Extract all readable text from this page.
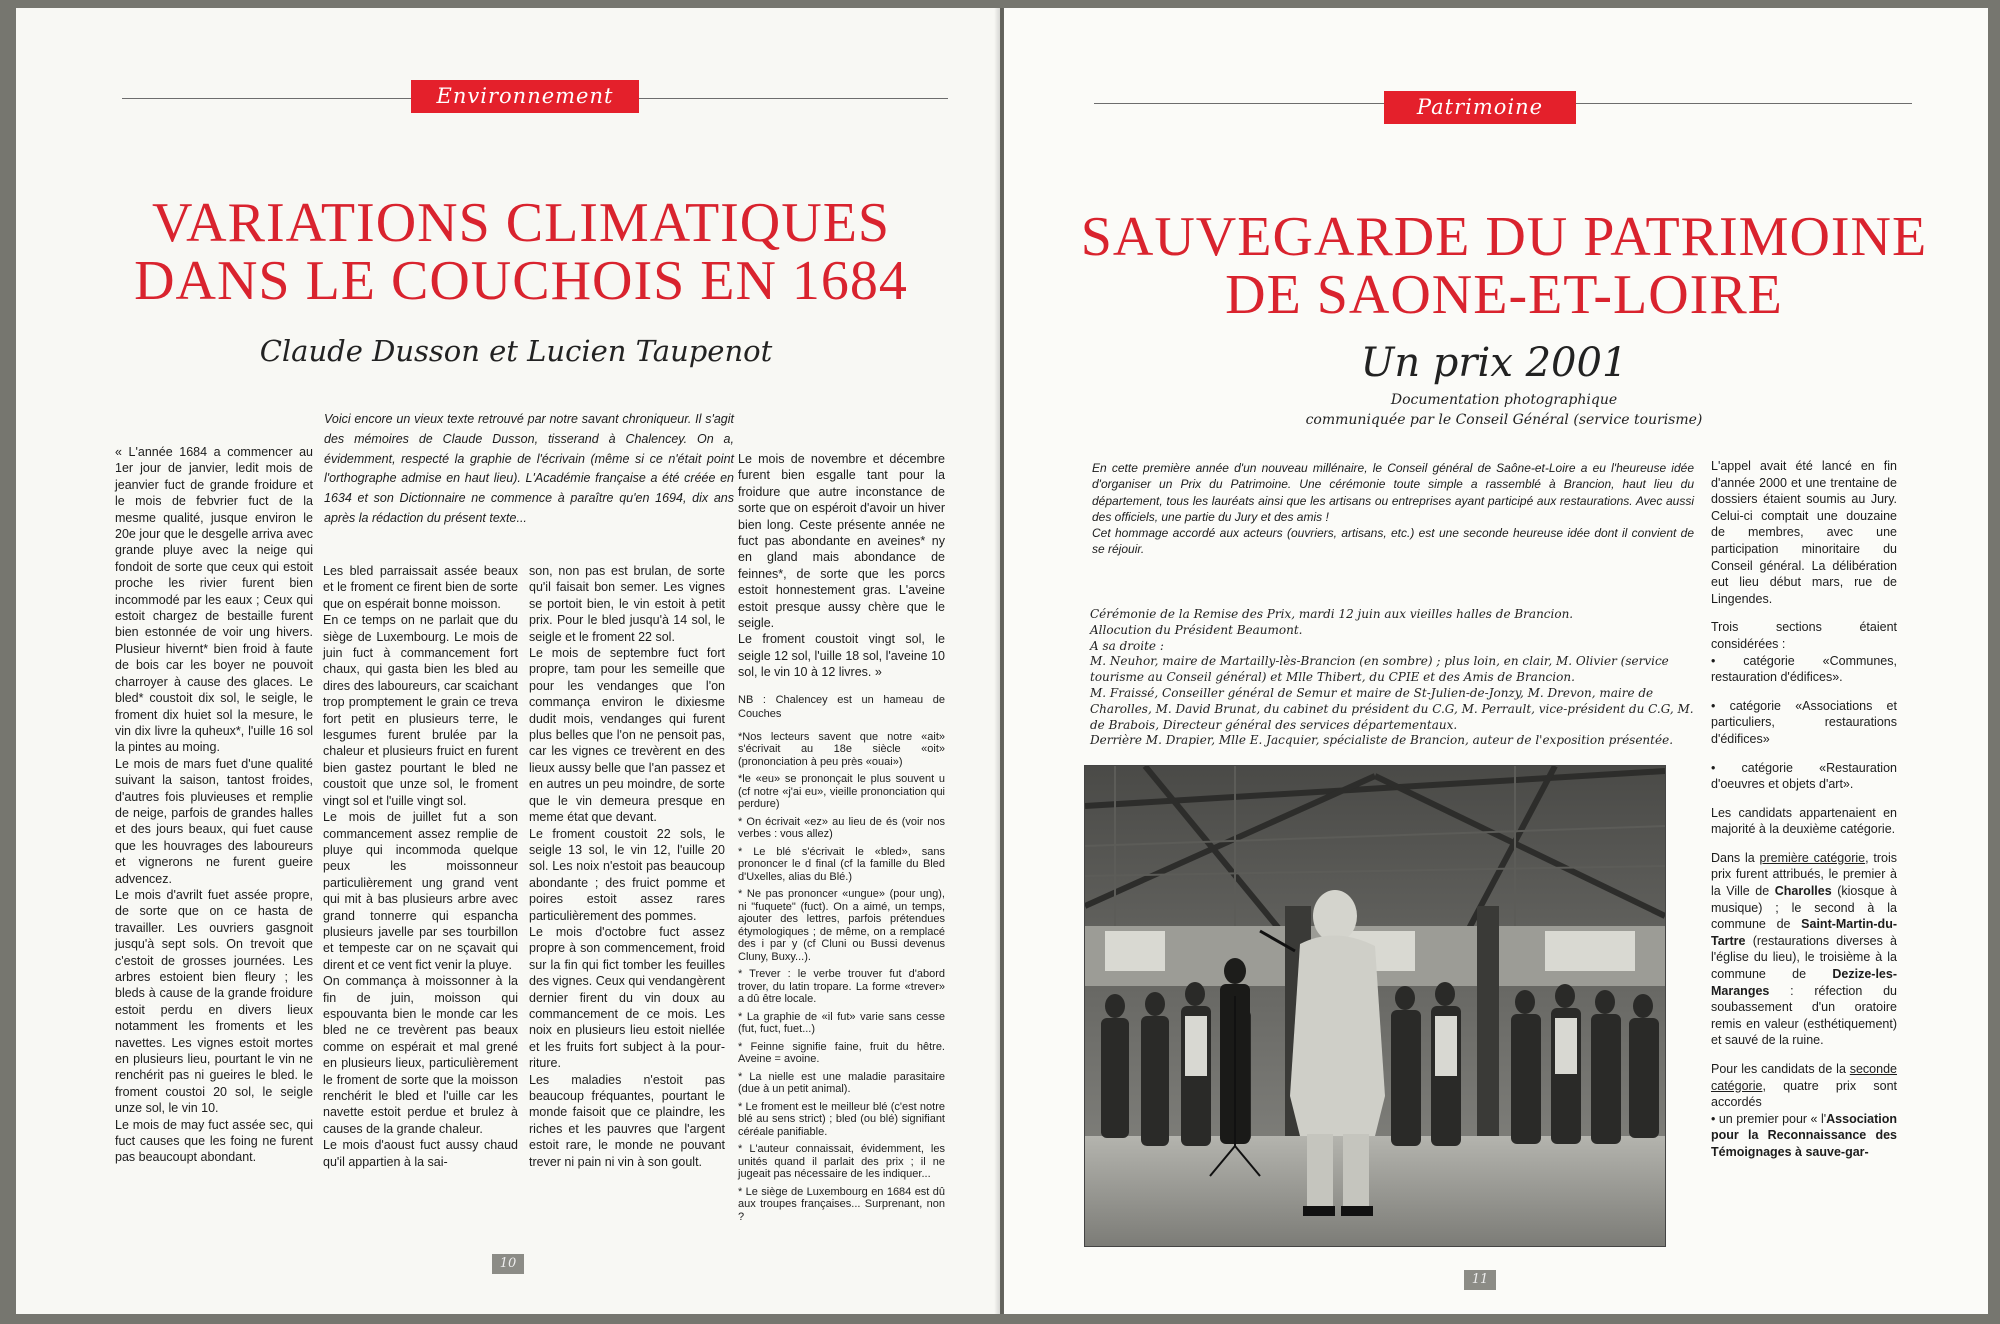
Environnement
VARIATIONS CLIMATIQUES
DANS LE COUCHOIS EN 1684
Claude Dusson et Lucien Taupenot

Voici encore un vieux texte retrouvé par notre savant chroniqueur. Il s'agit des mémoires de Claude Dusson, tisserand à Chalencey. On a, évidemment, respecté la graphie de l'écrivain (même si ce n'était point l'orthographe admise en haut lieu). L'Académie française a été créée en 1634 et son Dictionnaire ne commence à paraître qu'en 1694, dix ans après la rédaction du présent texte...

« L'année 1684 a commencer au 1er jour de janvier, ledit mois de jeanvier fuct de grande froidure et le mois de febvrier fuct de la mesme qualité, jusque environ le 20e jour que le desgelle arriva avec grande pluye avec la neige qui fondoit de sorte que ceux qui estoit proche les rivier furent bien incommodé par les eaux ; Ceux qui estoit chargez de bestaille furent bien estonnée de voir ung hivers. Plusieur hivernt* bien froid à faute de bois car les boyer ne pouvoit charroyer à cause des glaces. Le bled* coustoit dix sol, le seigle, le froment dix huiet sol la mesure, le vin dix livre la quheux*, l'uille 16 sol la pintes au moing.

Le mois de mars fuet d'une qualité suivant la saison, tantost froides, d'autres fois pluvieuses et remplie de neige, parfois de grandes halles et des jours beaux, qui fuet cause que les houvrages des laboureurs et vignerons ne furent gueire advencez.

Le mois d'avrilt fuet assée propre, de sorte que on ce hasta de travailler. Les ouvriers gasgnoit jusqu'à sept sols. On trevoit que c'estoit de grosses journées. Les arbres estoient bien fleury ; les bleds à cause de la grande froidure estoit perdu en divers lieux notamment les froments et les navettes. Les vignes estoit mortes en plusieurs lieu, pourtant le vin ne renchérit pas ni gueires le bled. le froment coustoi 20 sol, le seigle unze sol, le vin 10.

Le mois de may fuct assée sec, qui fuct causes que les foing ne furent pas beaucoupt abondant.

Les bled parraissait assée beaux et le froment ce firent bien de sorte que on espérait bonne moisson.

En ce temps on ne parlait que du siège de Luxembourg. Le mois de juin fuct à commancement fort chaux, qui gasta bien les bled au dires des laboureurs, car scaichant trop promptement le grain ce treva fort petit en plusieurs terre, le lesgumes furent brulée par la chaleur et plusieurs fruict en furent bien gastez pourtant le bled ne coustoit que unze sol, le froment vingt sol et l'uille vingt sol.

Le mois de juillet fut a son commancement assez remplie de pluye qui incommoda quelque peux les moissonneur particulièrement ung grand vent qui mit à bas plusieurs arbre avec grand tonnerre qui espancha plusieurs javelle par ses tourbillon et tempeste car on ne sçavait qui dirent et ce vent fict venir la pluye.

On commança à moissonner à la fin de juin, moisson qui espouvanta bien le monde car les bled ne ce trevèrent pas beaux comme on espérait et mal grené en plusieurs lieux, particulièrement le froment de sorte que la moisson renchérit le bled et l'uille car les navette estoit perdue et brulez à causes de la grande chaleur.

Le mois d'aoust fuct aussy chaud qu'il appartien à la sai-

son, non pas est brulan, de sorte qu'il faisait bon semer. Les vignes se portoit bien, le vin estoit à petit prix. Pour le bled jusqu'à 14 sol, le seigle et le froment 22 sol.

Le mois de septembre fuct fort propre, tam pour les semeille que pour les vendanges que l'on commança environ le dixiesme dudit mois, vendanges qui furent plus belles que l'on ne pensoit pas, car les vignes ce trevèrent en des lieux aussy belle que l'an passez et en autres un peu moindre, de sorte que le vin demeura presque en meme état que devant.

Le froment coustoit 22 sols, le seigle 13 sol, le vin 12, l'uille 20 sol. Les noix n'estoit pas beaucoup abondante ; des fruict pomme et poires estoit assez rares particulièrement des pommes.

Le mois d'octobre fuct assez propre à son commencement, froid sur la fin qui fict tomber les feuilles des vignes. Ceux qui vendangèrent dernier firent du vin doux au commancement de ce mois. Les noix en plusieurs lieu estoit niellée et les fruits fort subject à la pour-riture.

Les maladies n'estoit pas beaucoup fréquantes, pourtant le monde faisoit que ce plaindre, les riches et les pauvres que l'argent estoit rare, le monde ne pouvant trever ni pain ni vin à son goult.

Le mois de novembre et décembre furent bien esgalle tant pour la froidure que autre inconstance de sorte que on espéroit d'avoir un hiver bien long. Ceste présente année ne fuct pas abondante en aveines* ny en gland mais abondance de feinnes*, de sorte que les porcs estoit honnestement gras. L'aveine estoit presque aussy chère que le seigle.

Le froment coustoit vingt sol, le seigle 12 sol, l'uille 18 sol, l'aveine 10 sol, le vin 10 à 12 livres. »

NB : Chalencey est un hameau de Couches

*Nos lecteurs savent que notre «ait» s'écrivait au 18e siècle «oit» (prononciation à peu près «ouai»)

*le «eu» se prononçait le plus souvent u (cf notre «j'ai eu», vieille prononciation qui perdure)

* On écrivait «ez» au lieu de és (voir nos verbes : vous allez)

* Le blé s'écrivait le «bled», sans prononcer le d final (cf la famille du Bled d'Uxelles, alias du Blé.)

* Ne pas prononcer «ungue» (pour ung), ni "fuquete" (fuct). On a aimé, un temps, ajouter des lettres, parfois prétendues étymologiques ; de même, on a remplacé des i par y (cf Cluni ou Bussi devenus Cluny, Buxy...).

* Trever : le verbe trouver fut d'abord trover, du latin tropare. La forme «trever» a dû être locale.

* La graphie de «il fut» varie sans cesse (fut, fuct, fuet...)

* Feinne signifie faine, fruit du hêtre. Aveine = avoine.

* La nielle est une maladie parasitaire (due à un petit animal).

* Le froment est le meilleur blé (c'est notre blé au sens strict) ; bled (ou blé) signifiant céréale panifiable.

* L'auteur connaissait, évidemment, les unités quand il parlait des prix ; il ne jugeait pas nécessaire de les indiquer...

* Le siège de Luxembourg en 1684 est dû aux troupes françaises... Surprenant, non ?

10
Patrimoine
SAUVEGARDE DU PATRIMOINE
DE SAONE-ET-LOIRE
Un prix 2001
Documentation photographique
communiquée par le Conseil Général (service tourisme)

En cette première année d'un nouveau millénaire, le Conseil général de Saône-et-Loire a eu l'heureuse idée d'organiser un Prix du Patrimoine. Une cérémonie toute simple a rassemblé à Brancion, haut lieu du département, tous les lauréats ainsi que les artisans ou entreprises ayant participé aux restaurations. Avec aussi des officiels, une partie du Jury et des amis !

Cet hommage accordé aux acteurs (ouvriers, artisans, etc.) est une seconde heureuse idée dont il convient de se réjouir.

Cérémonie de la Remise des Prix, mardi 12 juin aux vieilles halles de Brancion.

Allocution du Président Beaumont.

A sa droite :

M. Neuhor, maire de Martailly-lès-Brancion (en sombre) ; plus loin, en clair, M. Olivier (service tourisme au Conseil général) et Mlle Thibert, du CPIE et des Amis de Brancion.

M. Fraissé, Conseiller général de Semur et maire de St-Julien-de-Jonzy, M. Drevon, maire de Charolles, M. David Brunat, du cabinet du président du C.G, M. Perrault, vice-président du C.G, M. de Brabois, Directeur général des services départementaux.

Derrière M. Drapier, Mlle E. Jacquier, spécialiste de Brancion, auteur de l'exposition présentée.

L'appel avait été lancé en fin d'année 2000 et une trentaine de dossiers étaient soumis au Jury. Celui-ci comptait une douzaine de membres, avec une participation minoritaire du Conseil général. La délibération eut lieu début mars, rue de Lingendes.

Trois sections étaient considérées :

• catégorie «Communes, restauration d'édifices».

• catégorie «Associations et particuliers, restaurations d'édifices»

• catégorie «Restauration d'oeuvres et objets d'art».

Les candidats appartenaient en majorité à la deuxième catégorie.

Dans la première catégorie, trois prix furent attribués, le premier à la Ville de Charolles (kiosque à musique) ; le second à la commune de Saint-Martin-du-Tartre (restaurations diverses à l'église du lieu), le troisième à la commune de Dezize-les-Maranges : réfection du soubassement d'un oratoire remis en valeur (esthétiquement) et sauvé de la ruine.

Pour les candidats de la seconde catégorie, quatre prix sont accordés

• un premier pour « l'Association pour la Reconnaissance des Témoignages à sauve-gar-

11
